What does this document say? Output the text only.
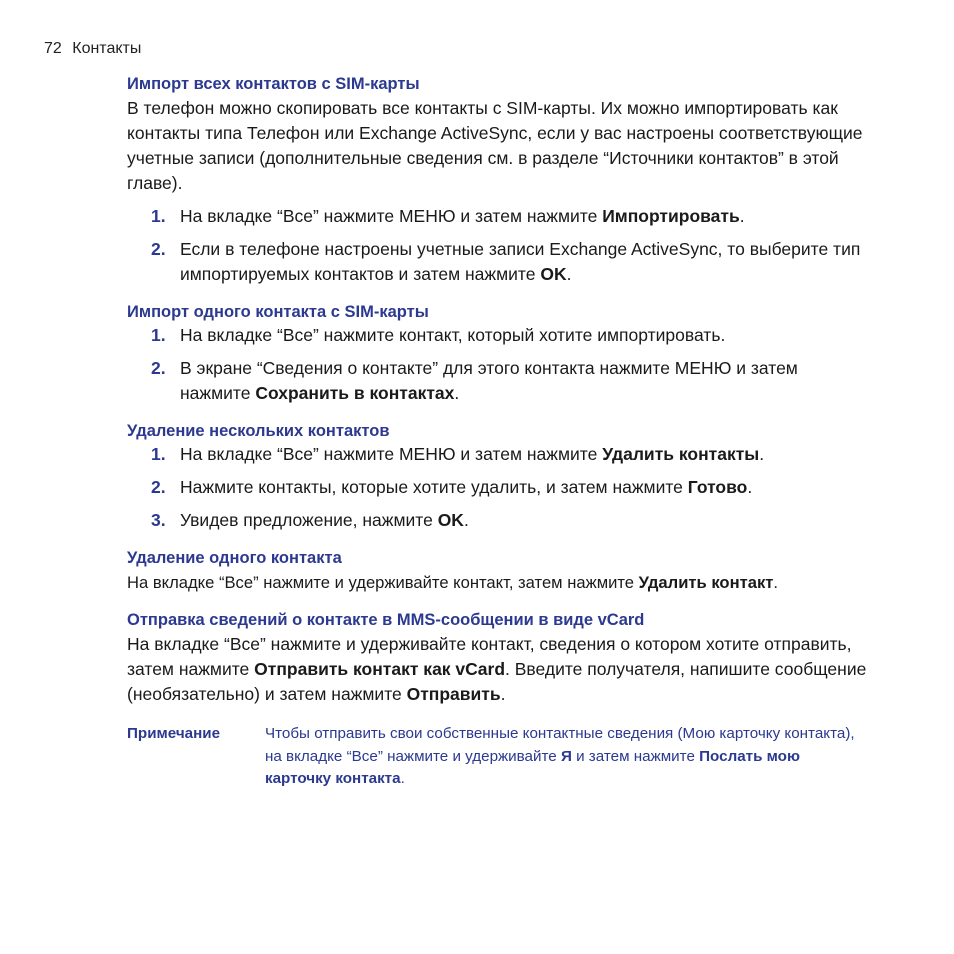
72 Контакты
Импорт всех контактов с SIM-карты

В телефон можно скопировать все контакты с SIM-карты. Их можно импортировать как контакты типа Телефон или Exchange ActiveSync, если у вас настроены соответствующие учетные записи (дополнительные сведения см. в разделе “Источники контактов” в этой главе).

1. На вкладке “Все” нажмите МЕНЮ и затем нажмите Импортировать.
2. Если в телефоне настроены учетные записи Exchange ActiveSync, то выберите тип импортируемых контактов и затем нажмите OK.
Импорт одного контакта с SIM-карты
1. На вкладке “Все” нажмите контакт, который хотите импортировать.
2. В экране “Сведения о контакте” для этого контакта нажмите МЕНЮ и затем нажмите Сохранить в контактах.
Удаление нескольких контактов
1. На вкладке “Все” нажмите МЕНЮ и затем нажмите Удалить контакты.
2. Нажмите контакты, которые хотите удалить, и затем нажмите Готово.
3. Увидев предложение, нажмите OK.
Удаление одного контакта

На вкладке “Все” нажмите и удерживайте контакт, затем нажмите Удалить контакт.

Отправка сведений о контакте в MMS-сообщении в виде vCard

На вкладке “Все” нажмите и удерживайте контакт, сведения о котором хотите отправить, затем нажмите Отправить контакт как vCard. Введите получателя, напишите сообщение (необязательно) и затем нажмите Отправить.

Примечание	Чтобы отправить свои собственные контактные сведения (Мою карточку контакта), на вкладке “Все” нажмите и удерживайте Я и затем нажмите Послать мою карточку контакта.
